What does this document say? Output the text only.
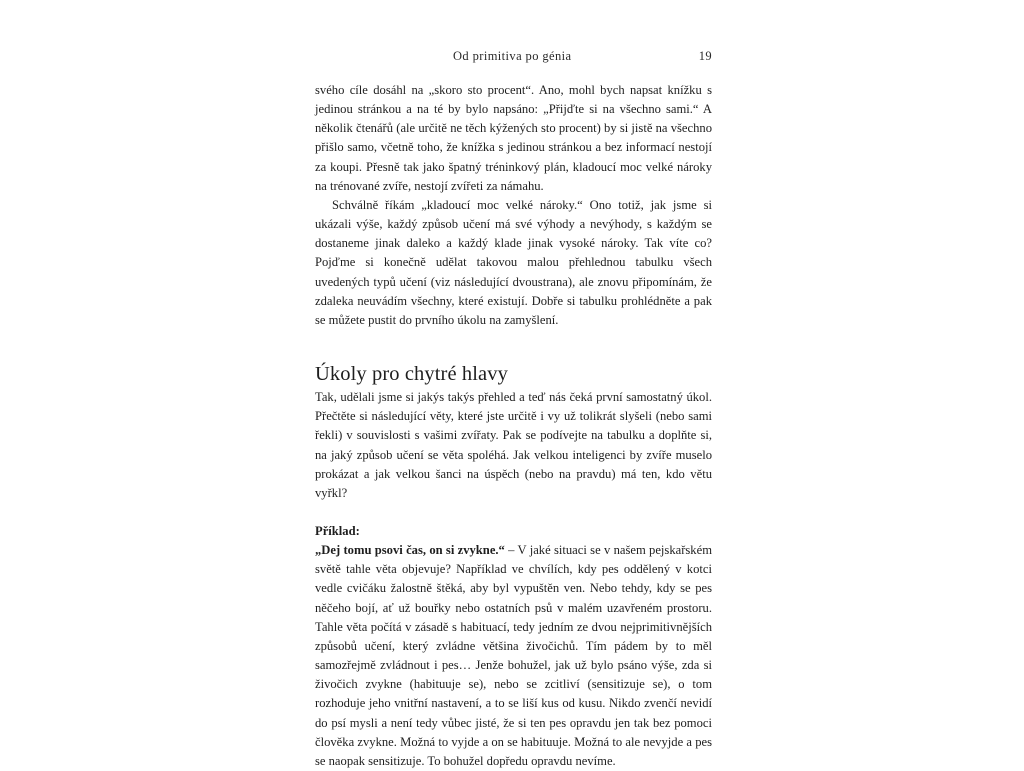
Od primitiva po génia	19

svého cíle dosáhl na „skoro sto procent“. Ano, mohl bych napsat knížku s jedinou stránkou a na té by bylo napsáno: „Přijďte si na všechno sami.“ A několik čtenářů (ale určitě ne těch kýžených sto procent) by si jistě na všechno přišlo samo, včetně toho, že knížka s jedinou stránkou a bez informací nestojí za koupi. Přesně tak jako špatný tréninkový plán, kladoucí moc velké nároky na trénované zvíře, nestojí zvířeti za námahu.

Schválně říkám „kladoucí moc velké nároky.“ Ono totiž, jak jsme si ukázali výše, každý způsob učení má své výhody a nevýhody, s každým se dostaneme jinak daleko a každý klade jinak vysoké nároky. Tak víte co? Pojďme si konečně udělat takovou malou přehlednou tabulku všech uvedených typů učení (viz následující dvoustrana), ale znovu připomínám, že zdaleka neuvádím všechny, které existují. Dobře si tabulku prohlédněte a pak se můžete pustit do prvního úkolu na zamyšlení.

Úkoly pro chytré hlavy

Tak, udělali jsme si jakýs takýs přehled a teď nás čeká první samostatný úkol. Přečtěte si následující věty, které jste určitě i vy už tolikrát slyšeli (nebo sami řekli) v souvislosti s vašimi zvířaty. Pak se podívejte na tabulku a doplňte si, na jaký způsob učení se věta spoléhá. Jak velkou inteligenci by zvíře muselo prokázat a jak velkou šanci na úspěch (nebo na pravdu) má ten, kdo větu vyřkl?

Příklad:

„Dej tomu psovi čas, on si zvykne.“ – V jaké situaci se v našem pejskařském světě tahle věta objevuje? Například ve chvílích, kdy pes oddělený v kotci vedle cvičáku žalostně štěká, aby byl vypuštěn ven. Nebo tehdy, kdy se pes něčeho bojí, ať už bouřky nebo ostatních psů v malém uzavřeném prostoru. Tahle věta počítá v zásadě s habituací, tedy jedním ze dvou nejprimitivnějších způsobů učení, který zvládne většina živočichů. Tím pádem by to měl samozřejmě zvládnout i pes… Jenže bohužel, jak už bylo psáno výše, zda si živočich zvykne (habituuje se), nebo se zcitliví (sensitizuje se), o tom rozhoduje jeho vnitřní nastavení, a to se liší kus od kusu. Nikdo zvenčí nevidí do psí mysli a není tedy vůbec jisté, že si ten pes opravdu jen tak bez pomoci člověka zvykne. Možná to vyjde a on se habituuje. Možná to ale nevyjde a pes se naopak sensitizuje. To bohužel dopředu opravdu nevíme.
